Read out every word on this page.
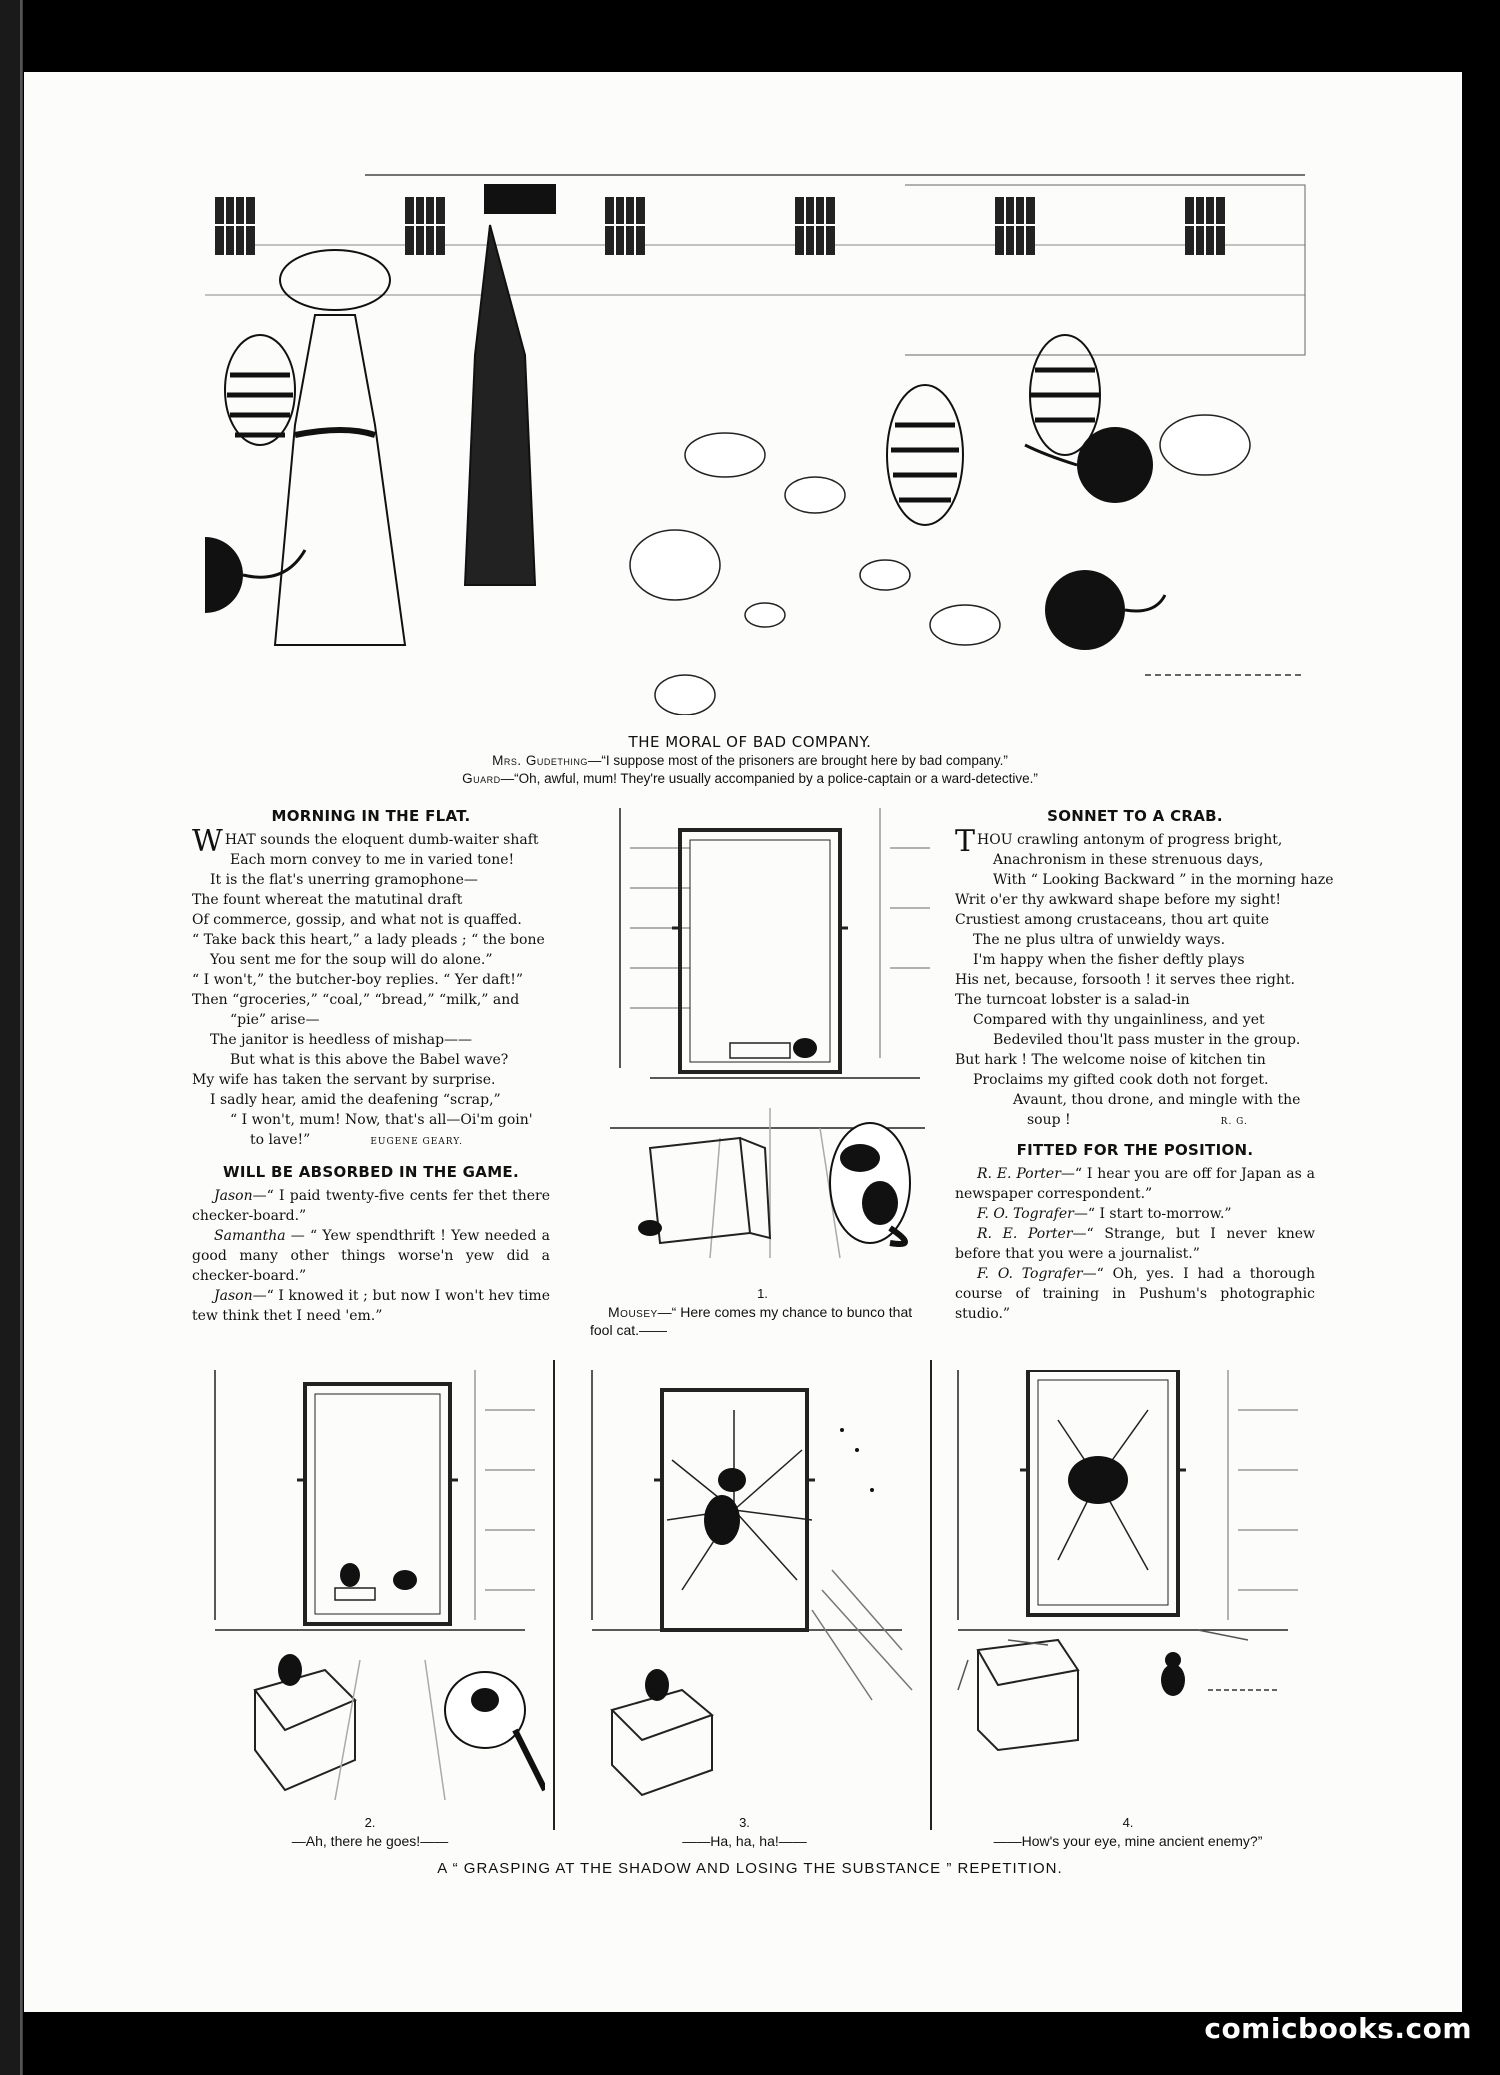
THE MORAL OF BAD COMPANY.
Mrs. Gudething—“I suppose most of the prisoners are brought here by bad company.”
Guard—“Oh, awful, mum! They're usually accompanied by a police-captain or a ward-detective.”
MORNING IN THE FLAT.
WHAT sounds the eloquent dumb-waiter shaft
Each morn convey to me in varied tone!
It is the flat's unerring gramophone—
The fount whereat the matutinal draft
Of commerce, gossip, and what not is quaffed.
“ Take back this heart,” a lady pleads ; “ the bone
You sent me for the soup will do alone.”
“ I won't,” the butcher-boy replies. “ Yer daft!”
Then “groceries,” “coal,” “bread,” “milk,” and
“pie” arise—
The janitor is heedless of mishap——
But what is this above the Babel wave?
My wife has taken the servant by surprise.
I sadly hear, amid the deafening “scrap,”
“ I won't, mum! Now, that's all—Oi'm goin'
to lave!”	EUGENE GEARY.
WILL BE ABSORBED IN THE GAME.

Jason—“ I paid twenty-five cents fer thet there checker-board.”

Samantha — “ Yew spendthrift ! Yew needed a good many other things worse'n yew did a checker-board.”

Jason—“ I knowed it ; but now I won't hev time tew think thet I need 'em.”

1.
Mousey—“ Here comes my chance to bunco that fool cat.——
SONNET TO A CRAB.
THOU crawling antonym of progress bright,
Anachronism in these strenuous days,
With “ Looking Backward ” in the morning haze
Writ o'er thy awkward shape before my sight!
Crustiest among crustaceans, thou art quite
The ne plus ultra of unwieldy ways.
I'm happy when the fisher deftly plays
His net, because, forsooth ! it serves thee right.
The turncoat lobster is a salad-in
Compared with thy ungainliness, and yet
Bedeviled thou'lt pass muster in the group.
But hark ! The welcome noise of kitchen tin
Proclaims my gifted cook doth not forget.
Avaunt, thou drone, and mingle with the
soup !	R. G.
FITTED FOR THE POSITION.

R. E. Porter—“ I hear you are off for Japan as a newspaper correspondent.”

F. O. Tografer—“ I start to-morrow.”

R. E. Porter—“ Strange, but I never knew before that you were a journalist.”

F. O. Tografer—“ Oh, yes. I had a thorough course of training in Pushum's photographic studio.”

2.
—Ah, there he goes!——
3.
——Ha, ha, ha!——
4.
——How's your eye, mine ancient enemy?”
A “ GRASPING AT THE SHADOW AND LOSING THE SUBSTANCE ” REPETITION.
comicbooks.com
